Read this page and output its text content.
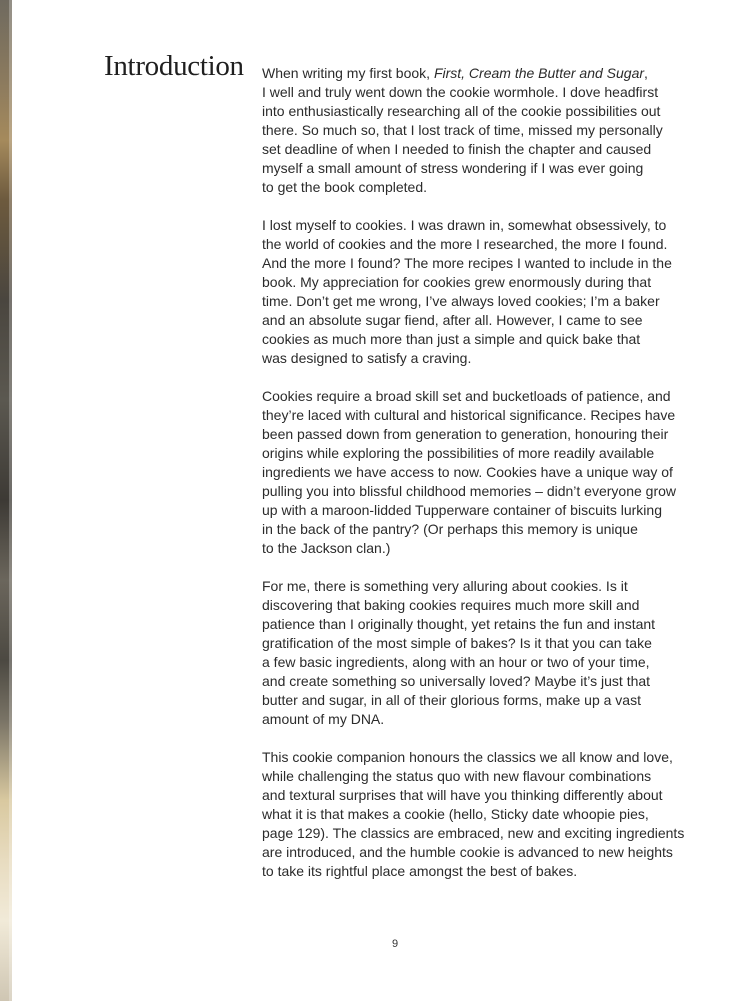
Introduction When writing my first book, First, Cream the Butter and Sugar,
I well and truly went down the cookie wormhole. I dove headfirst
into enthusiastically researching all of the cookie possibilities out
there. So much so, that I lost track of time, missed my personally
set deadline of when I needed to finish the chapter and caused
myself a small amount of stress wondering if I was ever going
to get the book completed.

I lost myself to cookies. I was drawn in, somewhat obsessively, to
the world of cookies and the more I researched, the more I found.
And the more I found? The more recipes I wanted to include in the
book. My appreciation for cookies grew enormously during that
time. Don’t get me wrong, I’ve always loved cookies; I’m a baker
and an absolute sugar fiend, after all. However, I came to see
cookies as much more than just a simple and quick bake that
was designed to satisfy a craving.

Cookies require a broad skill set and bucketloads of patience, and
they’re laced with cultural and historical significance. Recipes have
been passed down from generation to generation, honouring their
origins while exploring the possibilities of more readily available
ingredients we have access to now. Cookies have a unique way of
pulling you into blissful childhood memories – didn’t everyone grow
up with a maroon-lidded Tupperware container of biscuits lurking
in the back of the pantry? (Or perhaps this memory is unique
to the Jackson clan.)

For me, there is something very alluring about cookies. Is it
discovering that baking cookies requires much more skill and
patience than I originally thought, yet retains the fun and instant
gratification of the most simple of bakes? Is it that you can take
a few basic ingredients, along with an hour or two of your time,
and create something so universally loved? Maybe it’s just that
butter and sugar, in all of their glorious forms, make up a vast
amount of my DNA.

This cookie companion honours the classics we all know and love,
while challenging the status quo with new flavour combinations
and textural surprises that will have you thinking differently about
what it is that makes a cookie (hello, Sticky date whoopie pies,
page 129). The classics are embraced, new and exciting ingredients
are introduced, and the humble cookie is advanced to new heights
to take its rightful place amongst the best of bakes.

9
